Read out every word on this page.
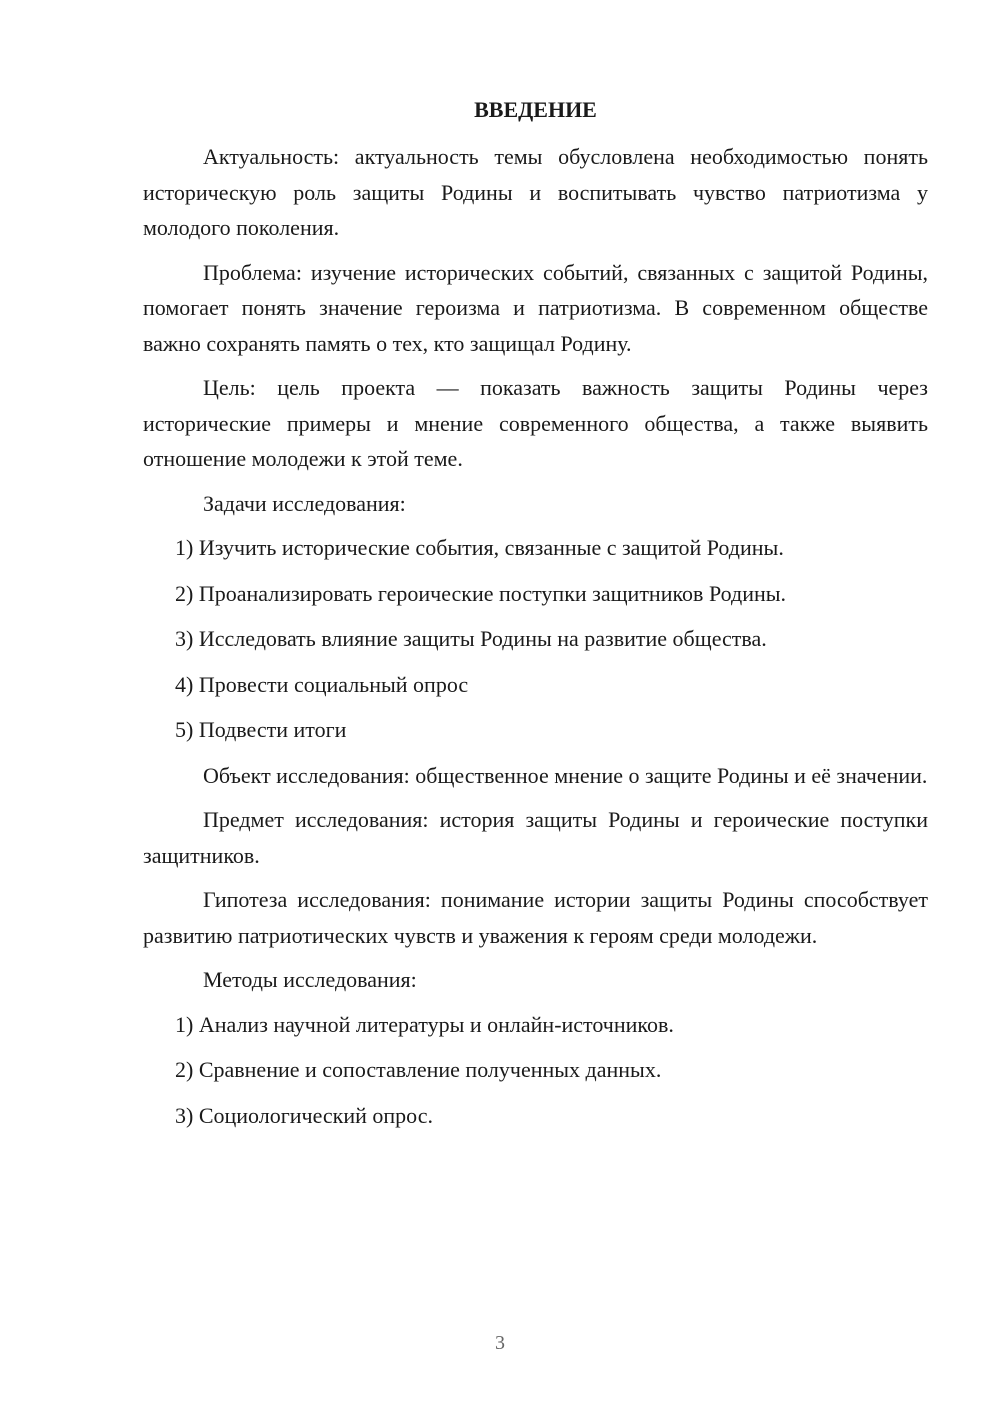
ВВЕДЕНИЕ

Актуальность: актуальность темы обусловлена необходимостью понять историческую роль защиты Родины и воспитывать чувство патриотизма у молодого поколения.

Проблема: изучение исторических событий, связанных с защитой Родины, помогает понять значение героизма и патриотизма. В современном обществе важно сохранять память о тех, кто защищал Родину.

Цель: цель проекта — показать важность защиты Родины через исторические примеры и мнение современного общества, а также выявить отношение молодежи к этой теме.

Задачи исследования:

1) Изучить исторические события, связанные с защитой Родины.
2) Проанализировать героические поступки защитников Родины.
3) Исследовать влияние защиты Родины на развитие общества.
4) Провести социальный опрос
5) Подвести итоги

Объект исследования: общественное мнение о защите Родины и её значении.

Предмет исследования: история защиты Родины и героические поступки защитников.

Гипотеза исследования: понимание истории защиты Родины способствует развитию патриотических чувств и уважения к героям среди молодежи.

Методы исследования:

1) Анализ научной литературы и онлайн-источников.
2) Сравнение и сопоставление полученных данных.
3) Социологический опрос.
3
